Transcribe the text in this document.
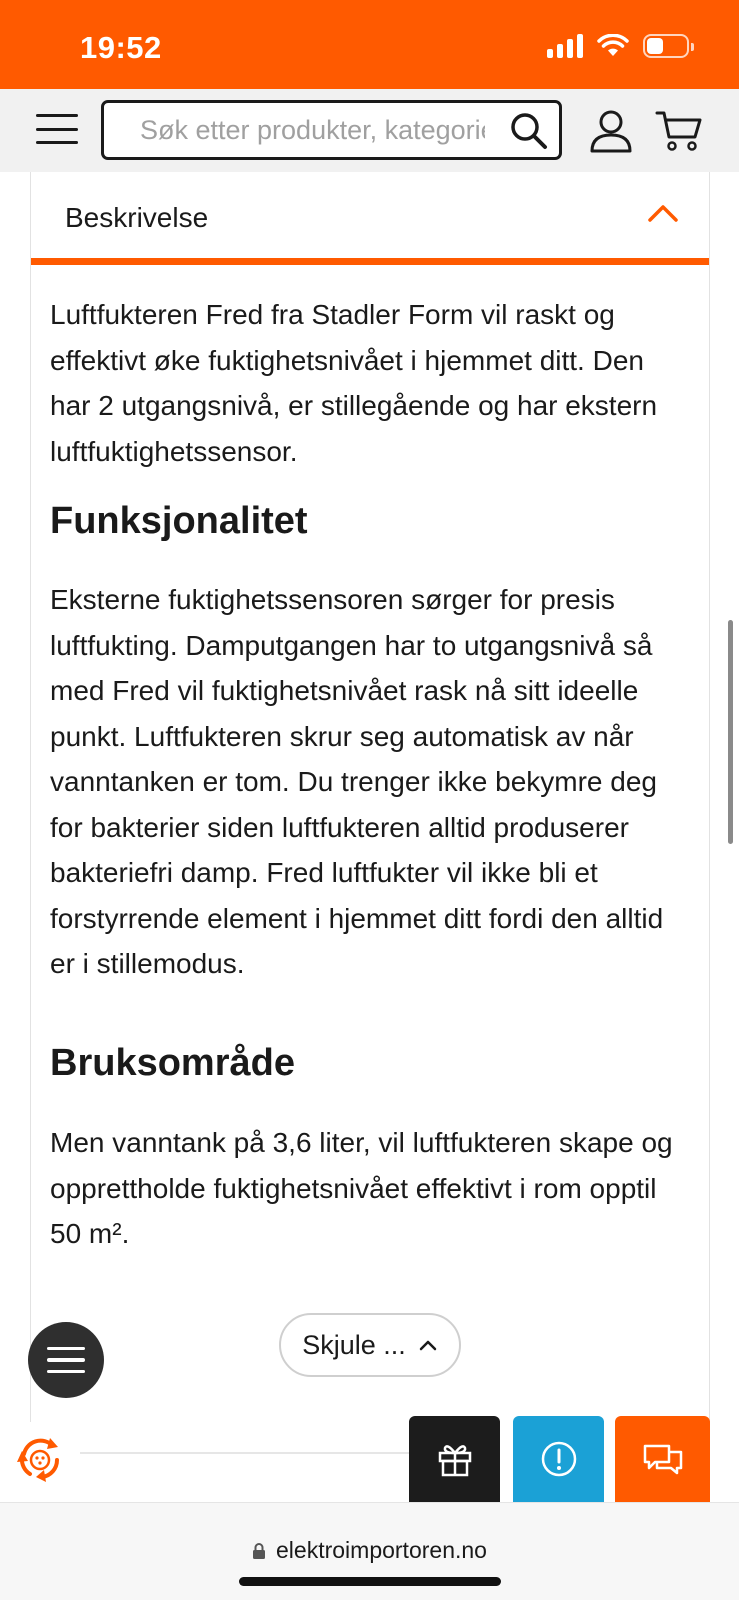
19:52
Søk etter produkter, kategorier
Beskrivelse

Luftfukteren Fred fra Stadler Form vil raskt og effektivt øke fuktighetsnivået i hjemmet ditt. Den har 2 utgangsnivå, er stillegående og har ekstern luftfuktighetssensor.

Funksjonalitet

Eksterne fuktighetssensoren sørger for presis luftfukting. Damputgangen har to utgangsnivå så med Fred vil fuktighetsnivået rask nå sitt ideelle punkt. Luftfukteren skrur seg automatisk av når vanntanken er tom. Du trenger ikke bekymre deg for bakterier siden luftfukteren alltid produserer bakteriefri damp. Fred luftfukter vil ikke bli et forstyrrende element i hjemmet ditt fordi den alltid er i stillemodus.

Bruksområde

Men vanntank på 3,6 liter, vil luftfukteren skape og opprettholde fuktighetsnivået effektivt i rom opptil 50 m².

Skjule ...
elektroimportoren.no
